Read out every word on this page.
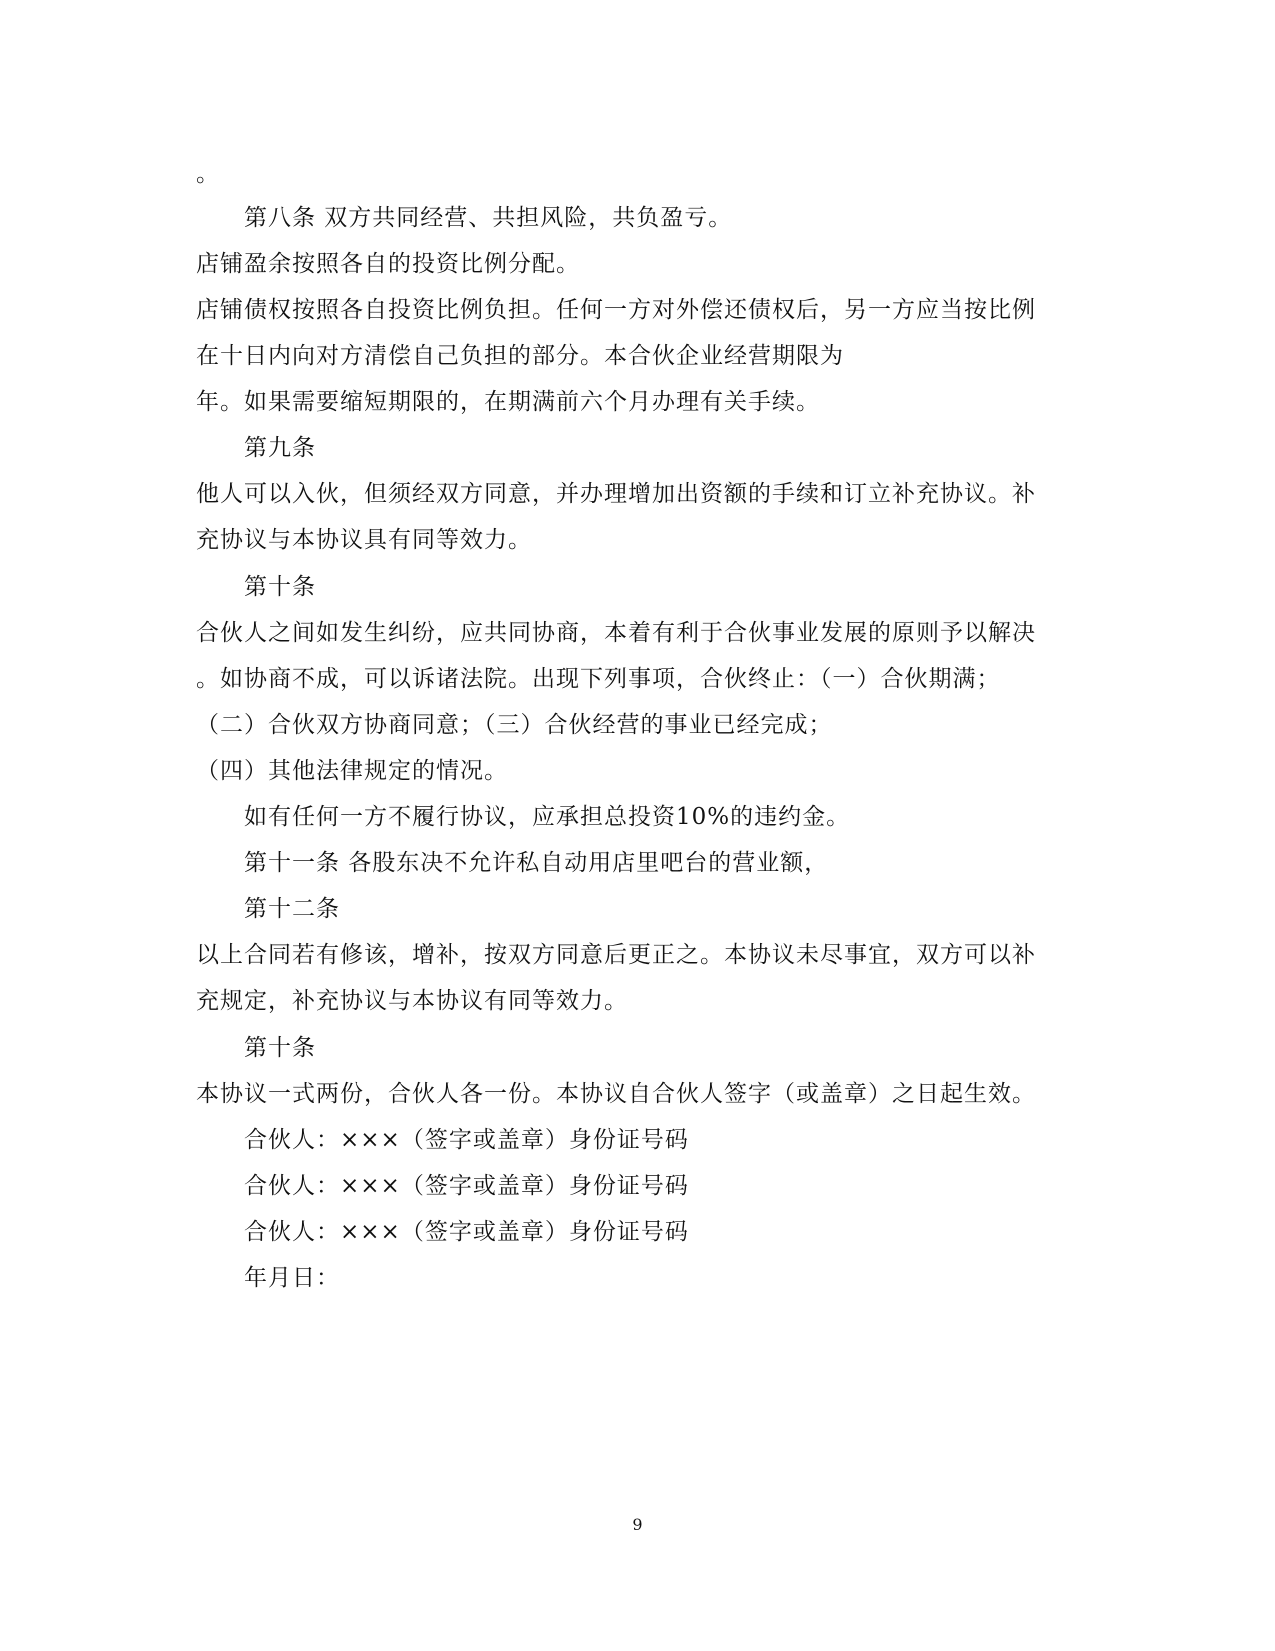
。
第八条 双方共同经营、共担风险，共负盈亏。
店铺盈余按照各自的投资比例分配。
店铺债权按照各自投资比例负担。任何一方对外偿还债权后，另一方应当按比例
在十日内向对方清偿自己负担的部分。本合伙企业经营期限为
年。如果需要缩短期限的，在期满前六个月办理有关手续。
第九条
他人可以入伙，但须经双方同意，并办理增加出资额的手续和订立补充协议。补
充协议与本协议具有同等效力。
第十条
合伙人之间如发生纠纷，应共同协商，本着有利于合伙事业发展的原则予以解决
。如协商不成，可以诉诸法院。出现下列事项，合伙终止：（一）合伙期满；
（二）合伙双方协商同意；（三）合伙经营的事业已经完成；
（四）其他法律规定的情况。
如有任何一方不履行协议，应承担总投资10%的违约金。
第十一条 各股东决不允许私自动用店里吧台的营业额，
第十二条
以上合同若有修该，增补，按双方同意后更正之。本协议未尽事宜，双方可以补
充规定，补充协议与本协议有同等效力。
第十条
本协议一式两份，合伙人各一份。本协议自合伙人签字（或盖章）之日起生效。
合伙人：×××（签字或盖章）身份证号码
合伙人：×××（签字或盖章）身份证号码
合伙人：×××（签字或盖章）身份证号码
年月日：
9
